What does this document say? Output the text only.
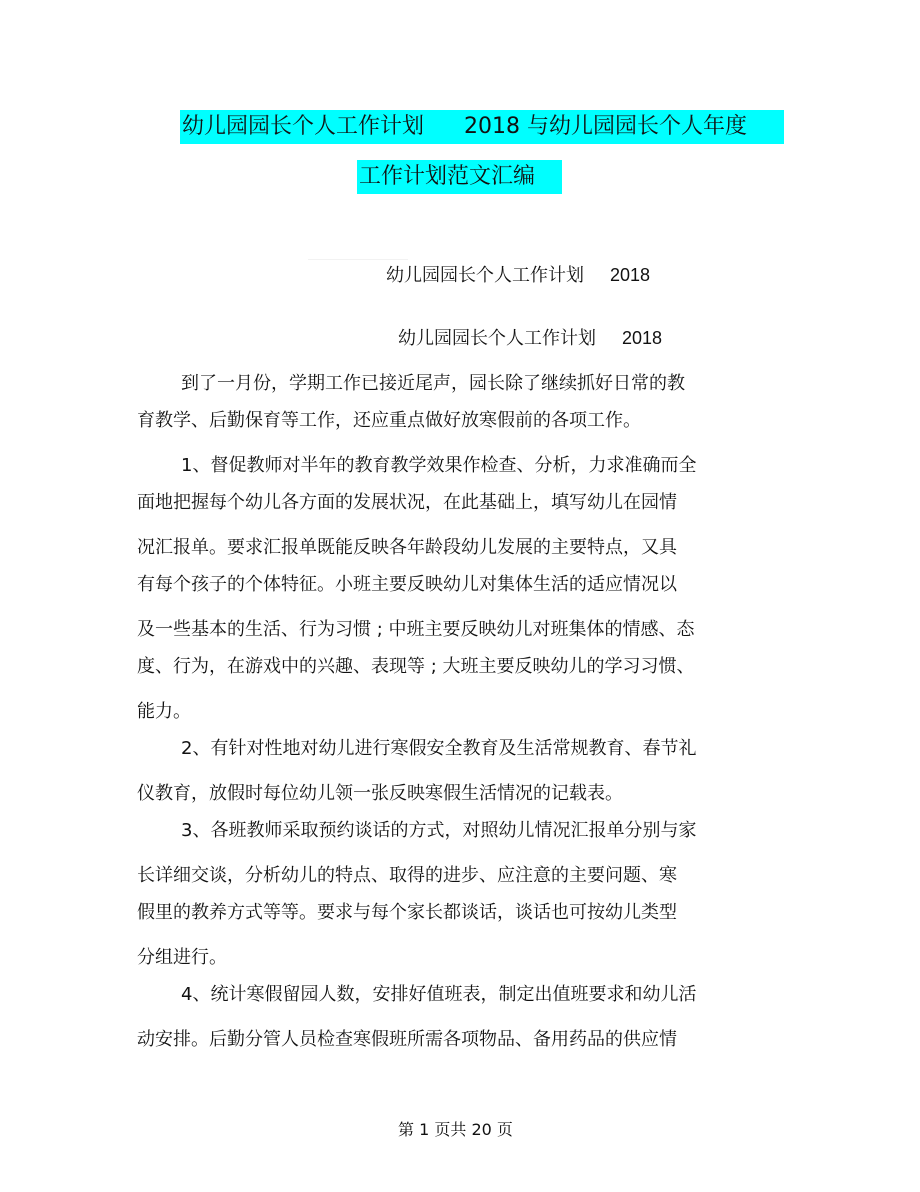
幼儿园园长个人工作计划 2018 与幼儿园园长个人年度
工作计划范文汇编
幼儿园园长个人工作计划 2018
幼儿园园长个人工作计划 2018
到了一月份，学期工作已接近尾声，园长除了继续抓好日常的教
育教学、后勤保育等工作，还应重点做好放寒假前的各项工作。
1、督促教师对半年的教育教学效果作检查、分析，力求准确而全
面地把握每个幼儿各方面的发展状况，在此基础上，填写幼儿在园情
况汇报单。要求汇报单既能反映各年龄段幼儿发展的主要特点，又具
有每个孩子的个体特征。小班主要反映幼儿对集体生活的适应情况以
及一些基本的生活、行为习惯 ; 中班主要反映幼儿对班集体的情感、态
度、行为，在游戏中的兴趣、表现等 ; 大班主要反映幼儿的学习习惯、
能力。
2、有针对性地对幼儿进行寒假安全教育及生活常规教育、春节礼
仪教育，放假时每位幼儿领一张反映寒假生活情况的记载表。
3、各班教师采取预约谈话的方式，对照幼儿情况汇报单分别与家
长详细交谈，分析幼儿的特点、取得的进步、应注意的主要问题、寒
假里的教养方式等等。要求与每个家长都谈话，谈话也可按幼儿类型
分组进行。
4、统计寒假留园人数，安排好值班表，制定出值班要求和幼儿活
动安排。后勤分管人员检查寒假班所需各项物品、备用药品的供应情
第 1 页共 20 页
